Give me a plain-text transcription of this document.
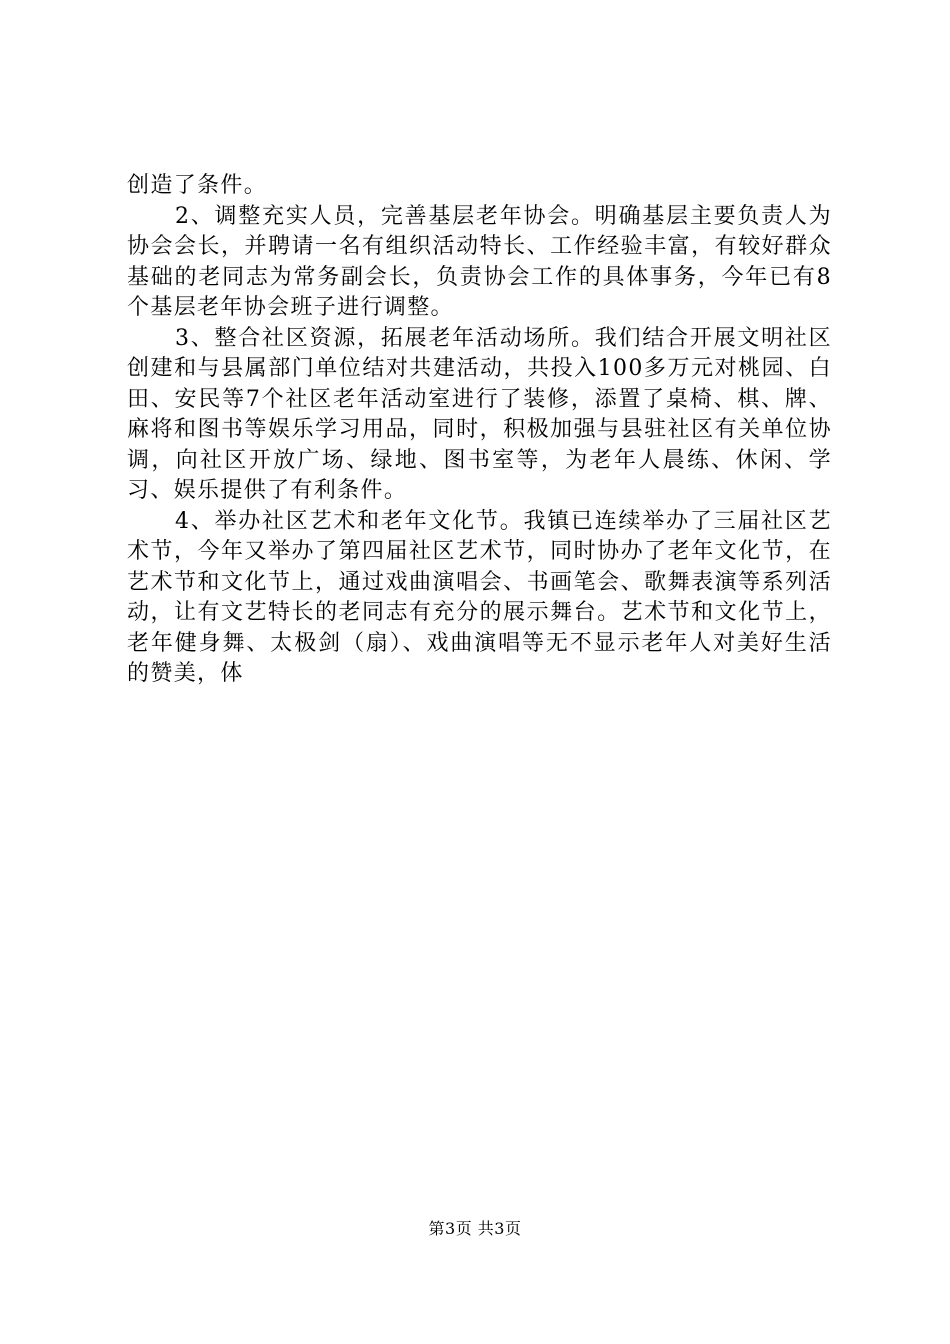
创造了条件。

2、调整充实人员，完善基层老年协会。明确基层主要负责人为协会会长，并聘请一名有组织活动特长、工作经验丰富，有较好群众基础的老同志为常务副会长，负责协会工作的具体事务，今年已有8个基层老年协会班子进行调整。

3、整合社区资源，拓展老年活动场所。我们结合开展文明社区创建和与县属部门单位结对共建活动，共投入100多万元对桃园、白田、安民等7个社区老年活动室进行了装修，添置了桌椅、棋、牌、麻将和图书等娱乐学习用品，同时，积极加强与县驻社区有关单位协调，向社区开放广场、绿地、图书室等，为老年人晨练、休闲、学习、娱乐提供了有利条件。

4、举办社区艺术和老年文化节。我镇已连续举办了三届社区艺术节，今年又举办了第四届社区艺术节，同时协办了老年文化节，在艺术节和文化节上，通过戏曲演唱会、书画笔会、歌舞表演等系列活动，让有文艺特长的老同志有充分的展示舞台。艺术节和文化节上，老年健身舞、太极剑（扇）、戏曲演唱等无不显示老年人对美好生活的赞美，体

第3页 共3页
